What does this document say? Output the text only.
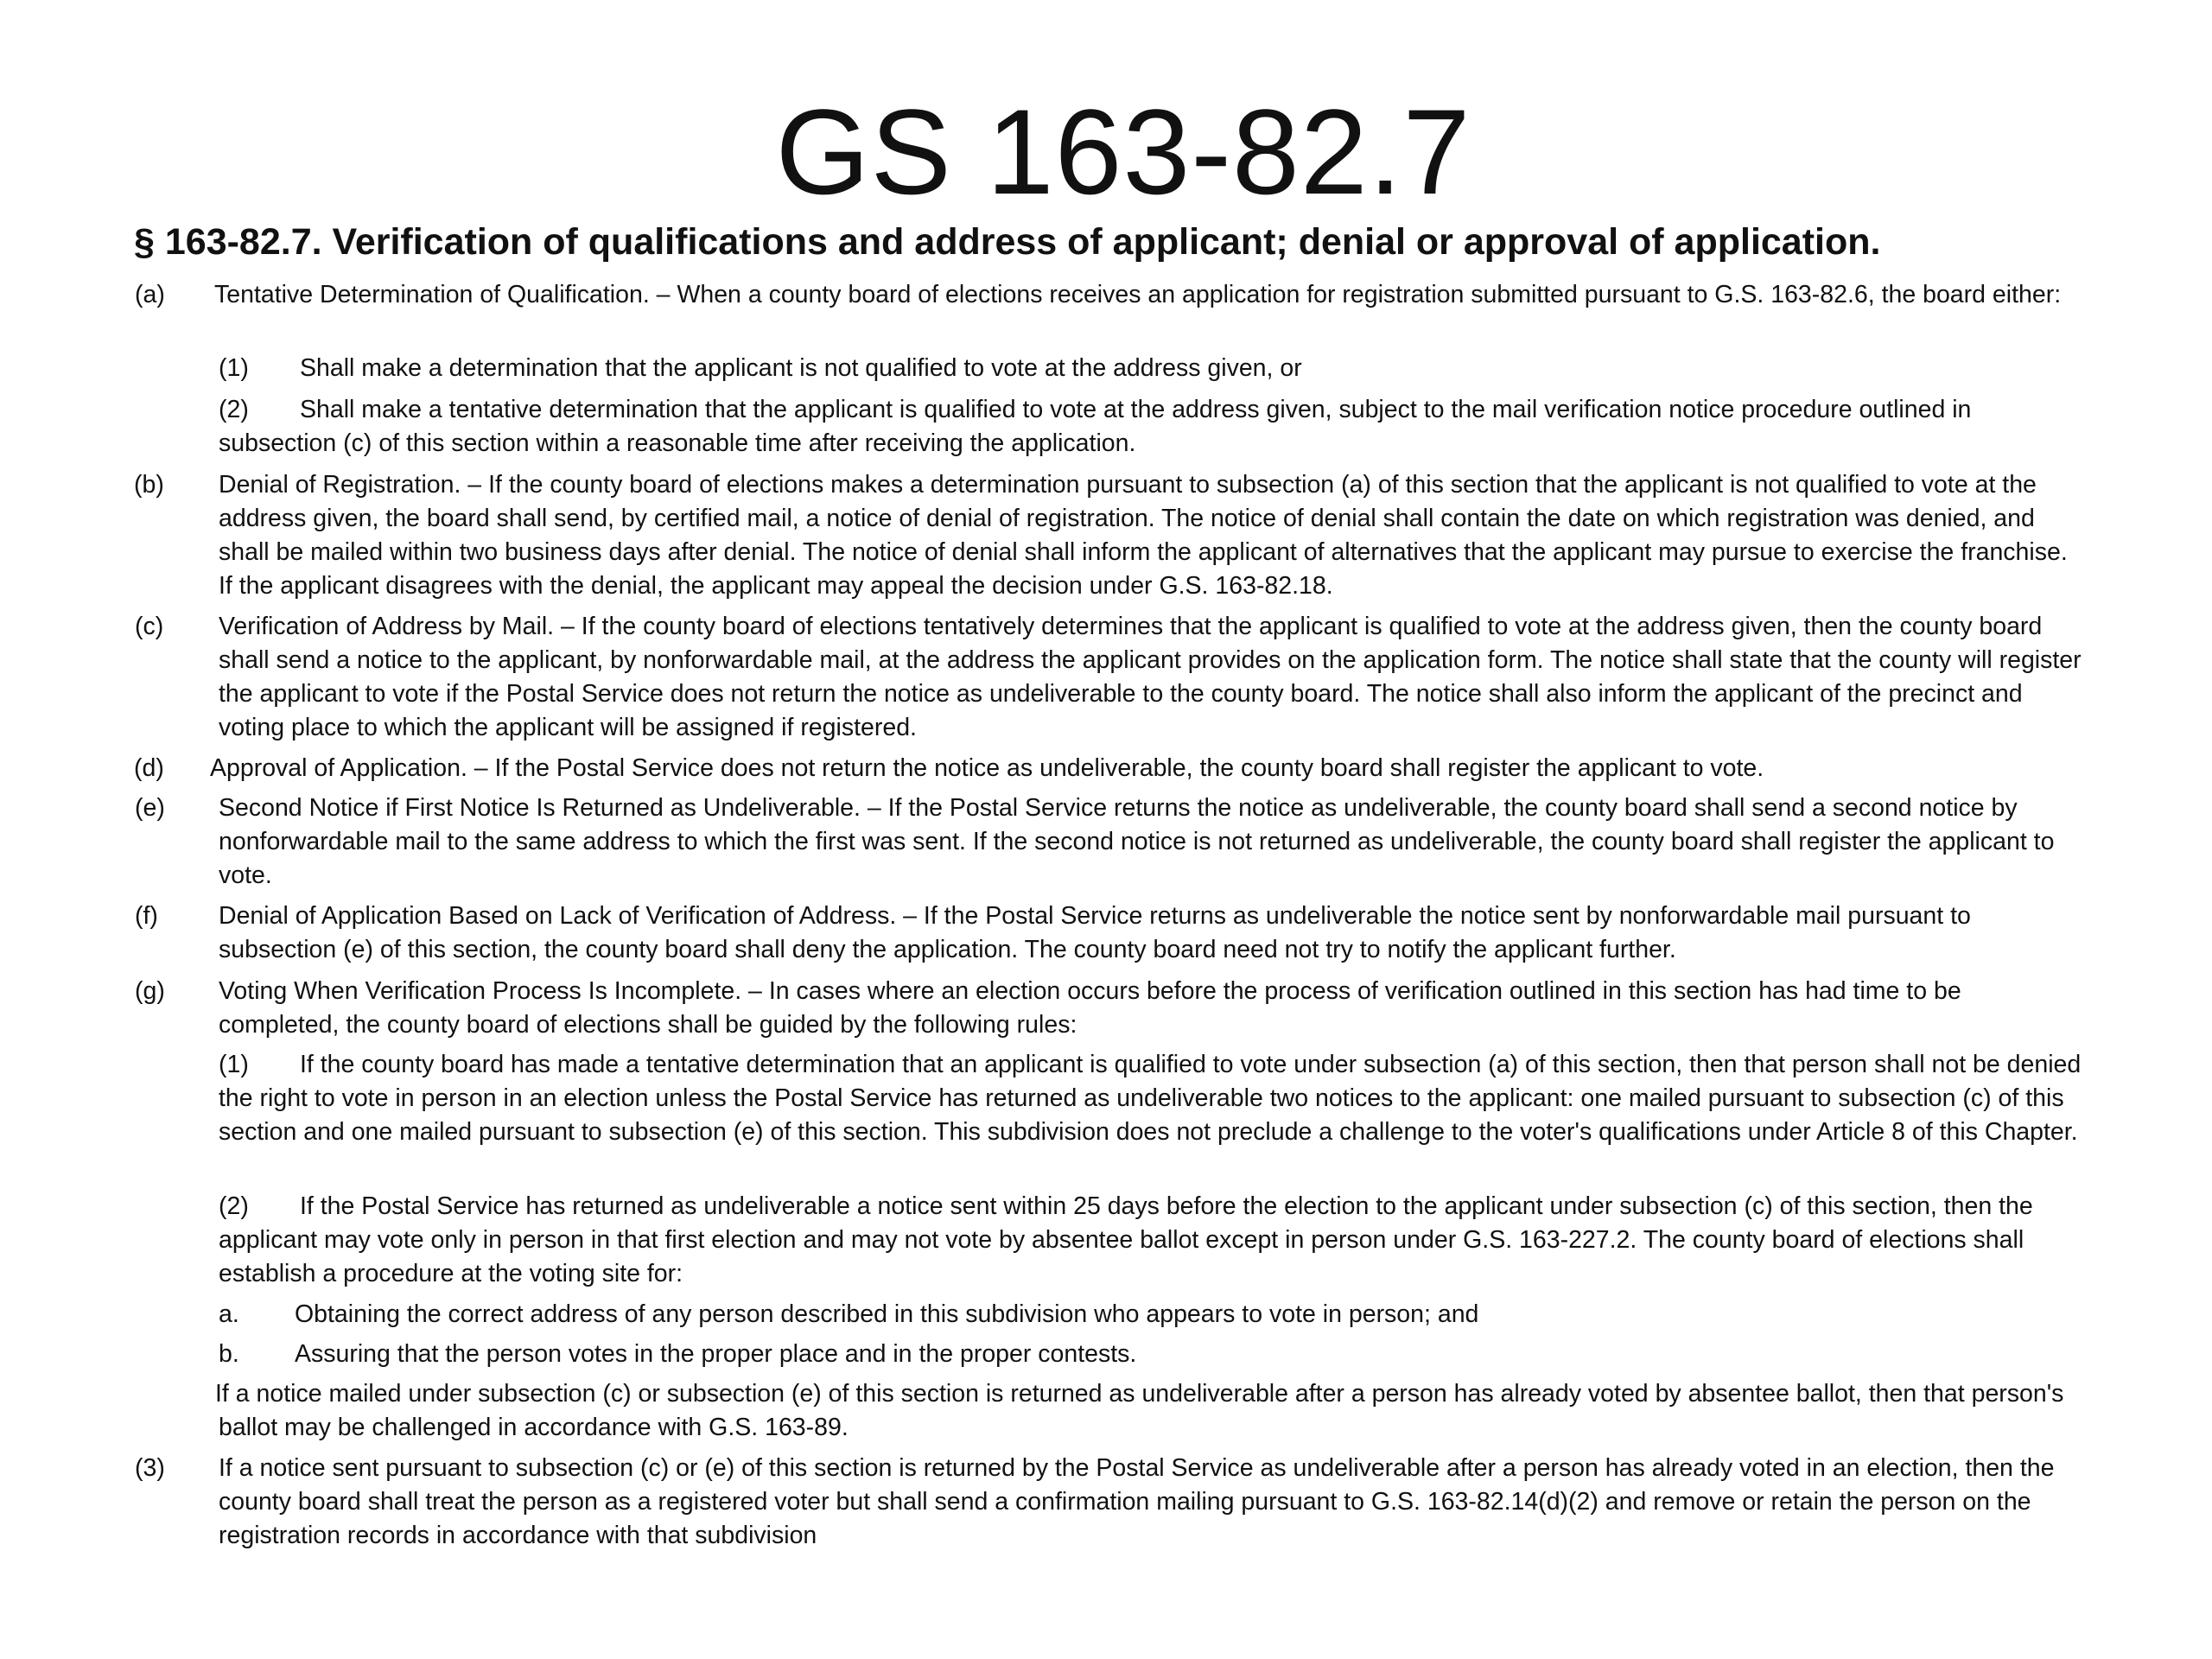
GS 163-82.7
§ 163-82.7. Verification of qualifications and address of applicant; denial or approval of application.

(a) Tentative Determination of Qualification. – When a county board of elections receives an application for registration submitted pursuant to G.S. 163-82.6, the board either:

(1) Shall make a determination that the applicant is not qualified to vote at the address given, or

(2) Shall make a tentative determination that the applicant is qualified to vote at the address given, subject to the mail verification notice procedure outlined in subsection (c) of this section within a reasonable time after receiving the application.

(b) Denial of Registration. – If the county board of elections makes a determination pursuant to subsection (a) of this section that the applicant is not qualified to vote at the address given, the board shall send, by certified mail, a notice of denial of registration. The notice of denial shall contain the date on which registration was denied, and shall be mailed within two business days after denial. The notice of denial shall inform the applicant of alternatives that the applicant may pursue to exercise the franchise. If the applicant disagrees with the denial, the applicant may appeal the decision under G.S. 163-82.18.

(c) Verification of Address by Mail. – If the county board of elections tentatively determines that the applicant is qualified to vote at the address given, then the county board shall send a notice to the applicant, by nonforwardable mail, at the address the applicant provides on the application form. The notice shall state that the county will register the applicant to vote if the Postal Service does not return the notice as undeliverable to the county board. The notice shall also inform the applicant of the precinct and voting place to which the applicant will be assigned if registered.

(d) Approval of Application. – If the Postal Service does not return the notice as undeliverable, the county board shall register the applicant to vote.

(e) Second Notice if First Notice Is Returned as Undeliverable. – If the Postal Service returns the notice as undeliverable, the county board shall send a second notice by nonforwardable mail to the same address to which the first was sent. If the second notice is not returned as undeliverable, the county board shall register the applicant to vote.

(f) Denial of Application Based on Lack of Verification of Address. – If the Postal Service returns as undeliverable the notice sent by nonforwardable mail pursuant to subsection (e) of this section, the county board shall deny the application. The county board need not try to notify the applicant further.

(g) Voting When Verification Process Is Incomplete. – In cases where an election occurs before the process of verification outlined in this section has had time to be completed, the county board of elections shall be guided by the following rules:

(1) If the county board has made a tentative determination that an applicant is qualified to vote under subsection (a) of this section, then that person shall not be denied the right to vote in person in an election unless the Postal Service has returned as undeliverable two notices to the applicant: one mailed pursuant to subsection (c) of this section and one mailed pursuant to subsection (e) of this section. This subdivision does not preclude a challenge to the voter's qualifications under Article 8 of this Chapter.

(2) If the Postal Service has returned as undeliverable a notice sent within 25 days before the election to the applicant under subsection (c) of this section, then the applicant may vote only in person in that first election and may not vote by absentee ballot except in person under G.S. 163-227.2. The county board of elections shall establish a procedure at the voting site for:

a. Obtaining the correct address of any person described in this subdivision who appears to vote in person; and

b. Assuring that the person votes in the proper place and in the proper contests.

If a notice mailed under subsection (c) or subsection (e) of this section is returned as undeliverable after a person has already voted by absentee ballot, then that person's ballot may be challenged in accordance with G.S. 163-89.

(3) If a notice sent pursuant to subsection (c) or (e) of this section is returned by the Postal Service as undeliverable after a person has already voted in an election, then the county board shall treat the person as a registered voter but shall send a confirmation mailing pursuant to G.S. 163-82.14(d)(2) and remove or retain the person on the registration records in accordance with that subdivision
